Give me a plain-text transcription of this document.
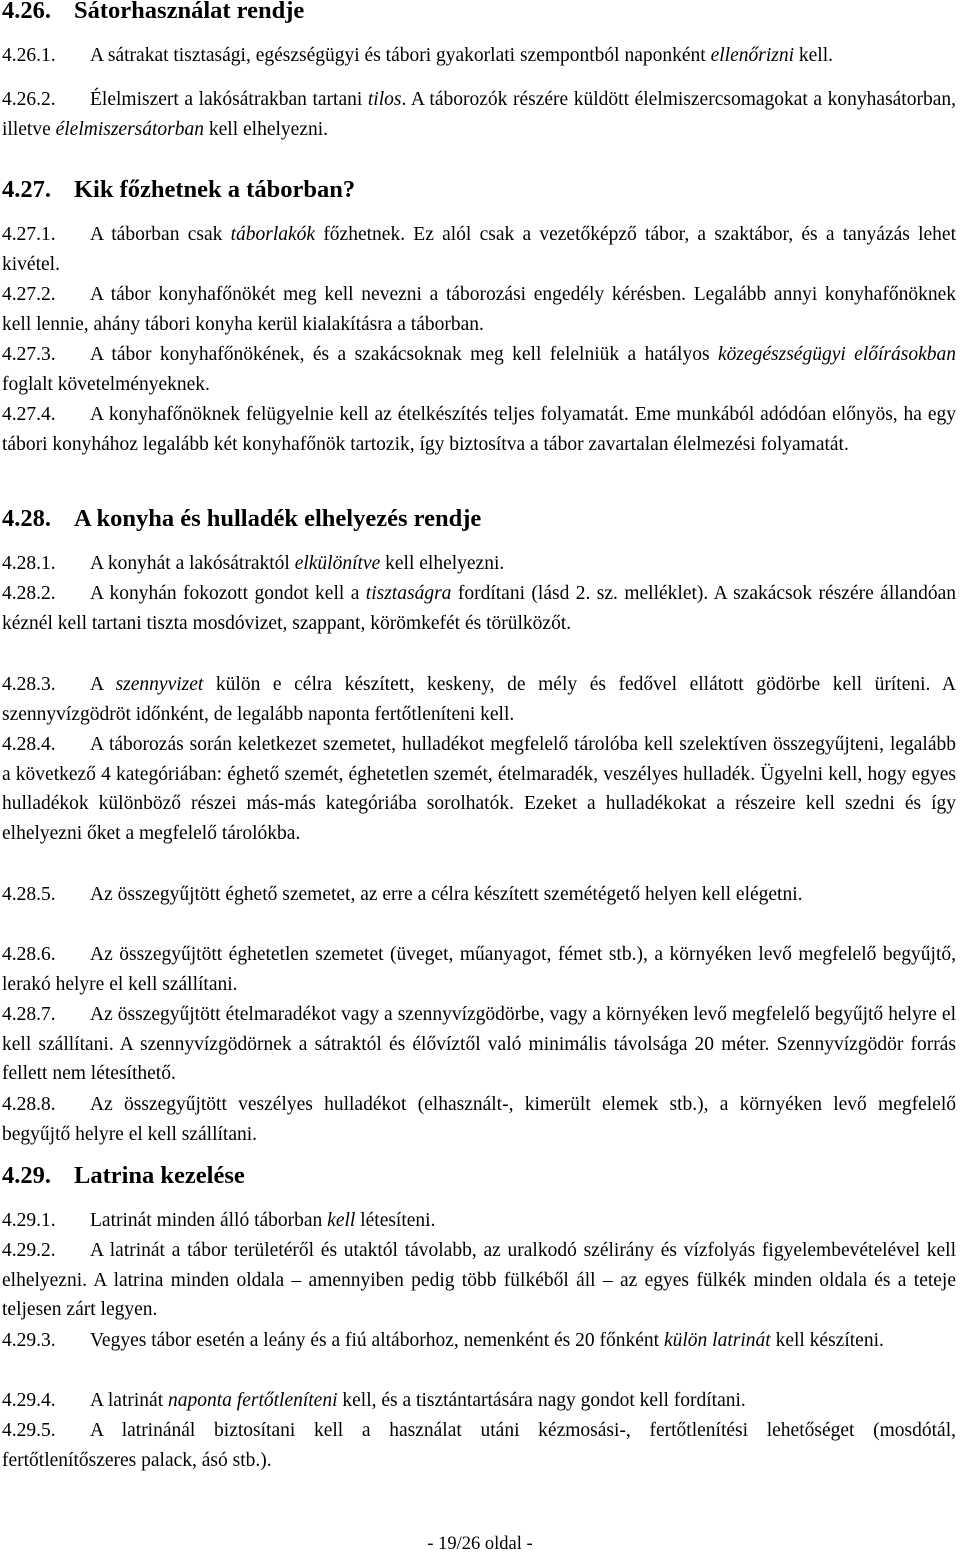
4.26. Sátorhasználat rendje
4.26.1. A sátrakat tisztasági, egészségügyi és tábori gyakorlati szempontból naponként ellenőrizni kell.
4.26.2. Élelmiszert a lakósátrakban tartani tilos. A táborozók részére küldött élelmiszercsomagokat a konyhasátorban, illetve élelmiszersátorban kell elhelyezni.
4.27. Kik főzhetnek a táborban?
4.27.1. A táborban csak táborlakók főzhetnek. Ez alól csak a vezetőképző tábor, a szaktábor, és a tanyázás lehet kivétel.
4.27.2. A tábor konyhafőnökét meg kell nevezni a táborozási engedély kérésben. Legalább annyi konyhafőnöknek kell lennie, ahány tábori konyha kerül kialakításra a táborban.
4.27.3. A tábor konyhafőnökének, és a szakácsoknak meg kell felelniük a hatályos közegészségügyi előírásokban foglalt követelményeknek.
4.27.4. A konyhafőnöknek felügyelnie kell az ételkészítés teljes folyamatát. Eme munkából adódóan előnyös, ha egy tábori konyhához legalább két konyhafőnök tartozik, így biztosítva a tábor zavartalan élelmezési folyamatát.
4.28. A konyha és hulladék elhelyezés rendje
4.28.1. A konyhát a lakósátraktól elkülönítve kell elhelyezni.
4.28.2. A konyhán fokozott gondot kell a tisztaságra fordítani (lásd 2. sz. melléklet). A szakácsok részére állandóan kéznél kell tartani tiszta mosdóvizet, szappant, körömkefét és törülközőt.
4.28.3. A szennyvizet külön e célra készített, keskeny, de mély és fedővel ellátott gödörbe kell üríteni. A szennyvízgödröt időnként, de legalább naponta fertőtleníteni kell.
4.28.4. A táborozás során keletkezet szemetet, hulladékot megfelelő tárolóba kell szelektíven összegyűjteni, legalább a következő 4 kategóriában: éghető szemét, éghetetlen szemét, ételmaradék, veszélyes hulladék. Ügyelni kell, hogy egyes hulladékok különböző részei más-más kategóriába sorolhatók. Ezeket a hulladékokat a részeire kell szedni és így elhelyezni őket a megfelelő tárolókba.
4.28.5. Az összegyűjtött éghető szemetet, az erre a célra készített szemétégető helyen kell elégetni.
4.28.6. Az összegyűjtött éghetetlen szemetet (üveget, műanyagot, fémet stb.), a környéken levő megfelelő begyűjtő, lerakó helyre el kell szállítani.
4.28.7. Az összegyűjtött ételmaradékot vagy a szennyvízgödörbe, vagy a környéken levő megfelelő begyűjtő helyre el kell szállítani. A szennyvízgödörnek a sátraktól és élővíztől való minimális távolsága 20 méter. Szennyvízgödör forrás fellett nem létesíthető.
4.28.8. Az összegyűjtött veszélyes hulladékot (elhasznált-, kimerült elemek stb.), a környéken levő megfelelő begyűjtő helyre el kell szállítani.
4.29. Latrina kezelése
4.29.1. Latrinát minden álló táborban kell létesíteni.
4.29.2. A latrinát a tábor területéről és utaktól távolabb, az uralkodó szélirány és vízfolyás figyelembevételével kell elhelyezni. A latrina minden oldala – amennyiben pedig több fülkéből áll – az egyes fülkék minden oldala és a teteje teljesen zárt legyen.
4.29.3. Vegyes tábor esetén a leány és a fiú altáborhoz, nemenként és 20 főnként külön latrinát kell készíteni.
4.29.4. A latrinát naponta fertőtleníteni kell, és a tisztántartására nagy gondot kell fordítani.
4.29.5. A latrinánál biztosítani kell a használat utáni kézmosási-, fertőtlenítési lehetőséget (mosdótál, fertőtlenítőszeres palack, ásó stb.).
- 19/26 oldal -
